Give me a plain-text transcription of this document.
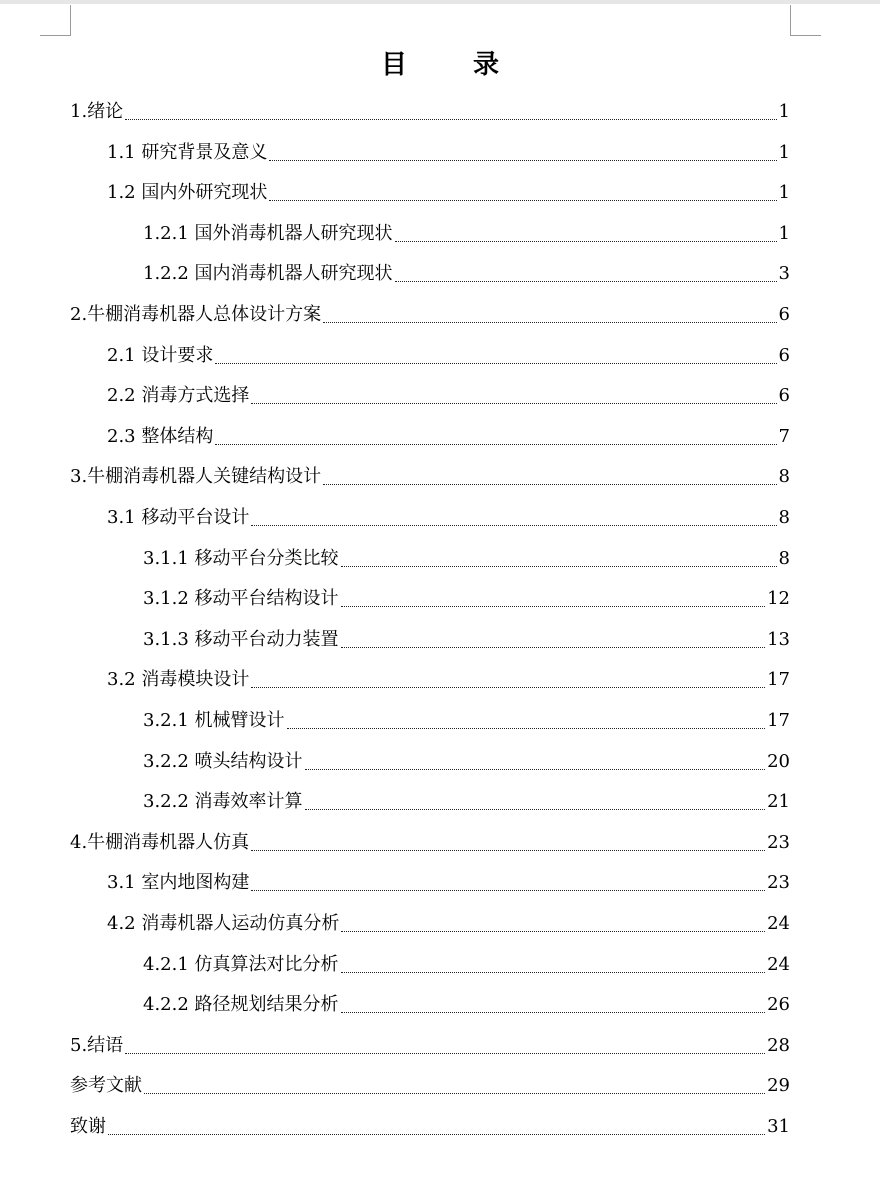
目　录
1.绪论	1
1.1 研究背景及意义	1
1.2 国内外研究现状	1
1.2.1 国外消毒机器人研究现状	1
1.2.2 国内消毒机器人研究现状	3
2.牛棚消毒机器人总体设计方案	6
2.1 设计要求	6
2.2 消毒方式选择	6
2.3 整体结构	7
3.牛棚消毒机器人关键结构设计	8
3.1 移动平台设计	8
3.1.1 移动平台分类比较	8
3.1.2 移动平台结构设计	12
3.1.3 移动平台动力装置	13
3.2 消毒模块设计	17
3.2.1 机械臂设计	17
3.2.2 喷头结构设计	20
3.2.2 消毒效率计算	21
4.牛棚消毒机器人仿真	23
3.1 室内地图构建	23
4.2 消毒机器人运动仿真分析	24
4.2.1 仿真算法对比分析	24
4.2.2 路径规划结果分析	26
5.结语	28
参考文献	29
致谢	31
